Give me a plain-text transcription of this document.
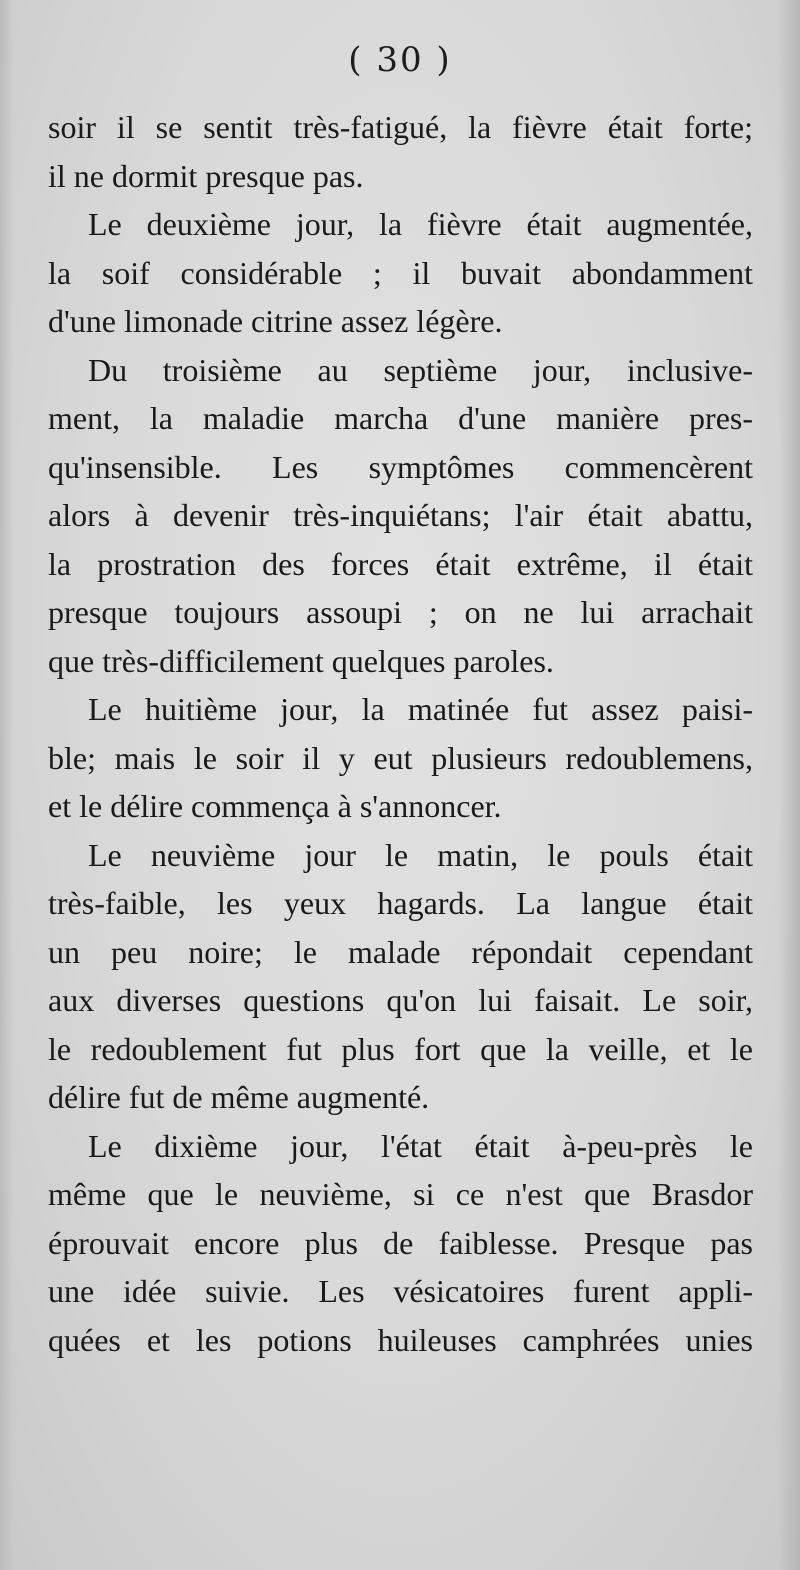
( 30 )
soir il se sentit très-fatigué, la fièvre était forte;
il ne dormit presque pas.
Le deuxième jour, la fièvre était augmentée,
la soif considérable ; il buvait abondamment
d'une limonade citrine assez légère.
Du troisième au septième jour, inclusive-
ment, la maladie marcha d'une manière pres-
qu'insensible. Les symptômes commencèrent
alors à devenir très-inquiétans; l'air était abattu,
la prostration des forces était extrême, il était
presque toujours assoupi ; on ne lui arrachait
que très-difficilement quelques paroles.
Le huitième jour, la matinée fut assez paisi-
ble; mais le soir il y eut plusieurs redoublemens,
et le délire commença à s'annoncer.
Le neuvième jour le matin, le pouls était
très-faible, les yeux hagards. La langue était
un peu noire; le malade répondait cependant
aux diverses questions qu'on lui faisait. Le soir,
le redoublement fut plus fort que la veille, et le
délire fut de même augmenté.
Le dixième jour, l'état était à-peu-près le
même que le neuvième, si ce n'est que Brasdor
éprouvait encore plus de faiblesse. Presque pas
une idée suivie. Les vésicatoires furent appli-
quées et les potions huileuses camphrées unies
